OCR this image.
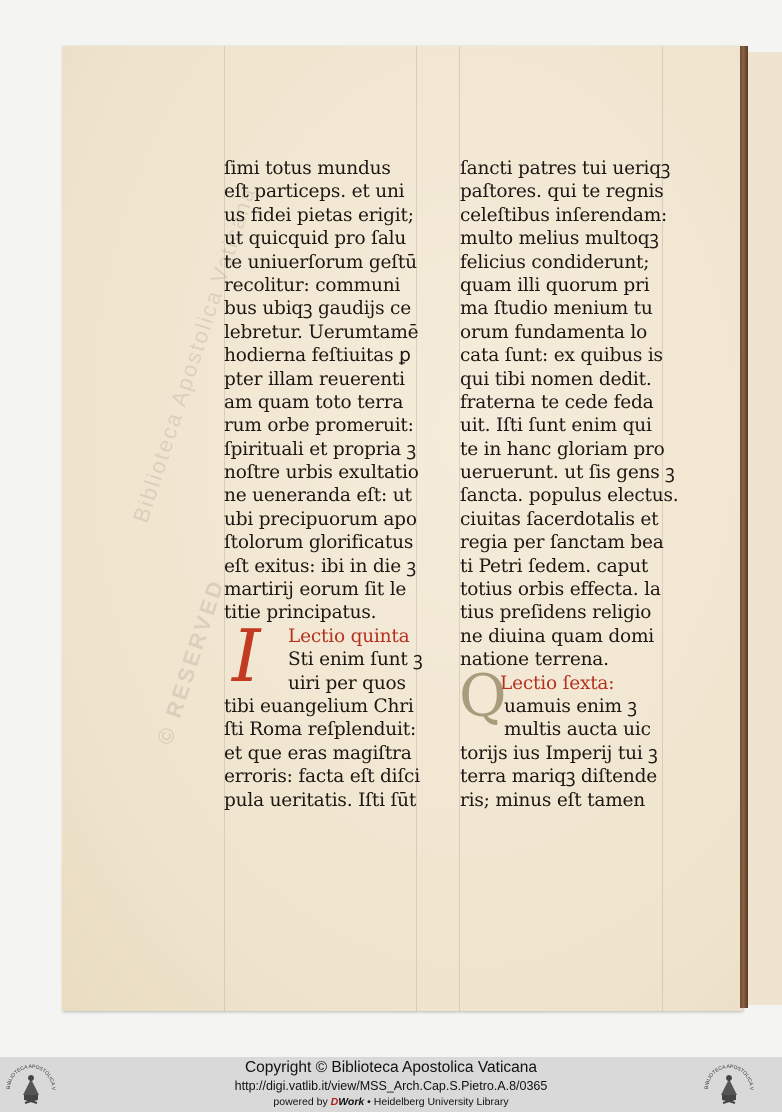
Biblioteca Apostolica Vaticana
© RESERVED
ſimi totus mundus
eſt particeps. et uni
us fidei pietas erigit;
ut quicquid pro ſalu
te uniuerſorum geſtū
recolitur: communi
bus ubiqꝫ gaudijs ce
lebretur. Uerumtamē
hodierna feſtiuitas ꝑ
pter illam reuerenti
am quam toto terra
rum orbe promeruit:
ſpirituali et propria ꝫ
noſtre urbis exultatio
ne ueneranda eſt: ut
ubi precipuorum apo
ſtolorum glorificatus
eſt exitus: ibi in die ꝫ
martirij eorum ſit le
titie principatus.
Lectio quinta
Sti enim ſunt ꝫ
uiri per quos
tibi euangelium Chri
ſti Roma reſplenduit:
et que eras magiſtra
erroris: facta eſt diſci
pula ueritatis. Iſti ſūt
ſancti patres tui ueriqꝫ
paſtores. qui te regnis
celeſtibus inſerendam:
multo melius multoqꝫ
felicius condiderunt;
quam illi quorum pri
ma ſtudio menium tu
orum fundamenta lo
cata ſunt: ex quibus is
qui tibi nomen dedit.
fraterna te cede feda
uit. Iſti ſunt enim qui
te in hanc gloriam pro
ueruerunt. ut ſis gens ꝫ
ſancta. populus electus.
ciuitas ſacerdotalis et
regia per ſanctam bea
ti Petri ſedem. caput
totius orbis effecta. la
tius preſidens religio
ne diuina quam domi
natione terrena.
Lectio ſexta:
uamuis enim ꝫ
multis aucta uic
torijs ius Imperij tui ꝫ
terra mariqꝫ diſtende
ris; minus eſt tamen
I	Q
Copyright © Biblioteca Apostolica Vaticana
http://digi.vatlib.it/view/MSS_Arch.Cap.S.Pietro.A.8/0365
powered by DWork • Heidelberg University Library
BIBLIOTECA APOSTOLICA V	BIBLIOTECA APOSTOLICA V
